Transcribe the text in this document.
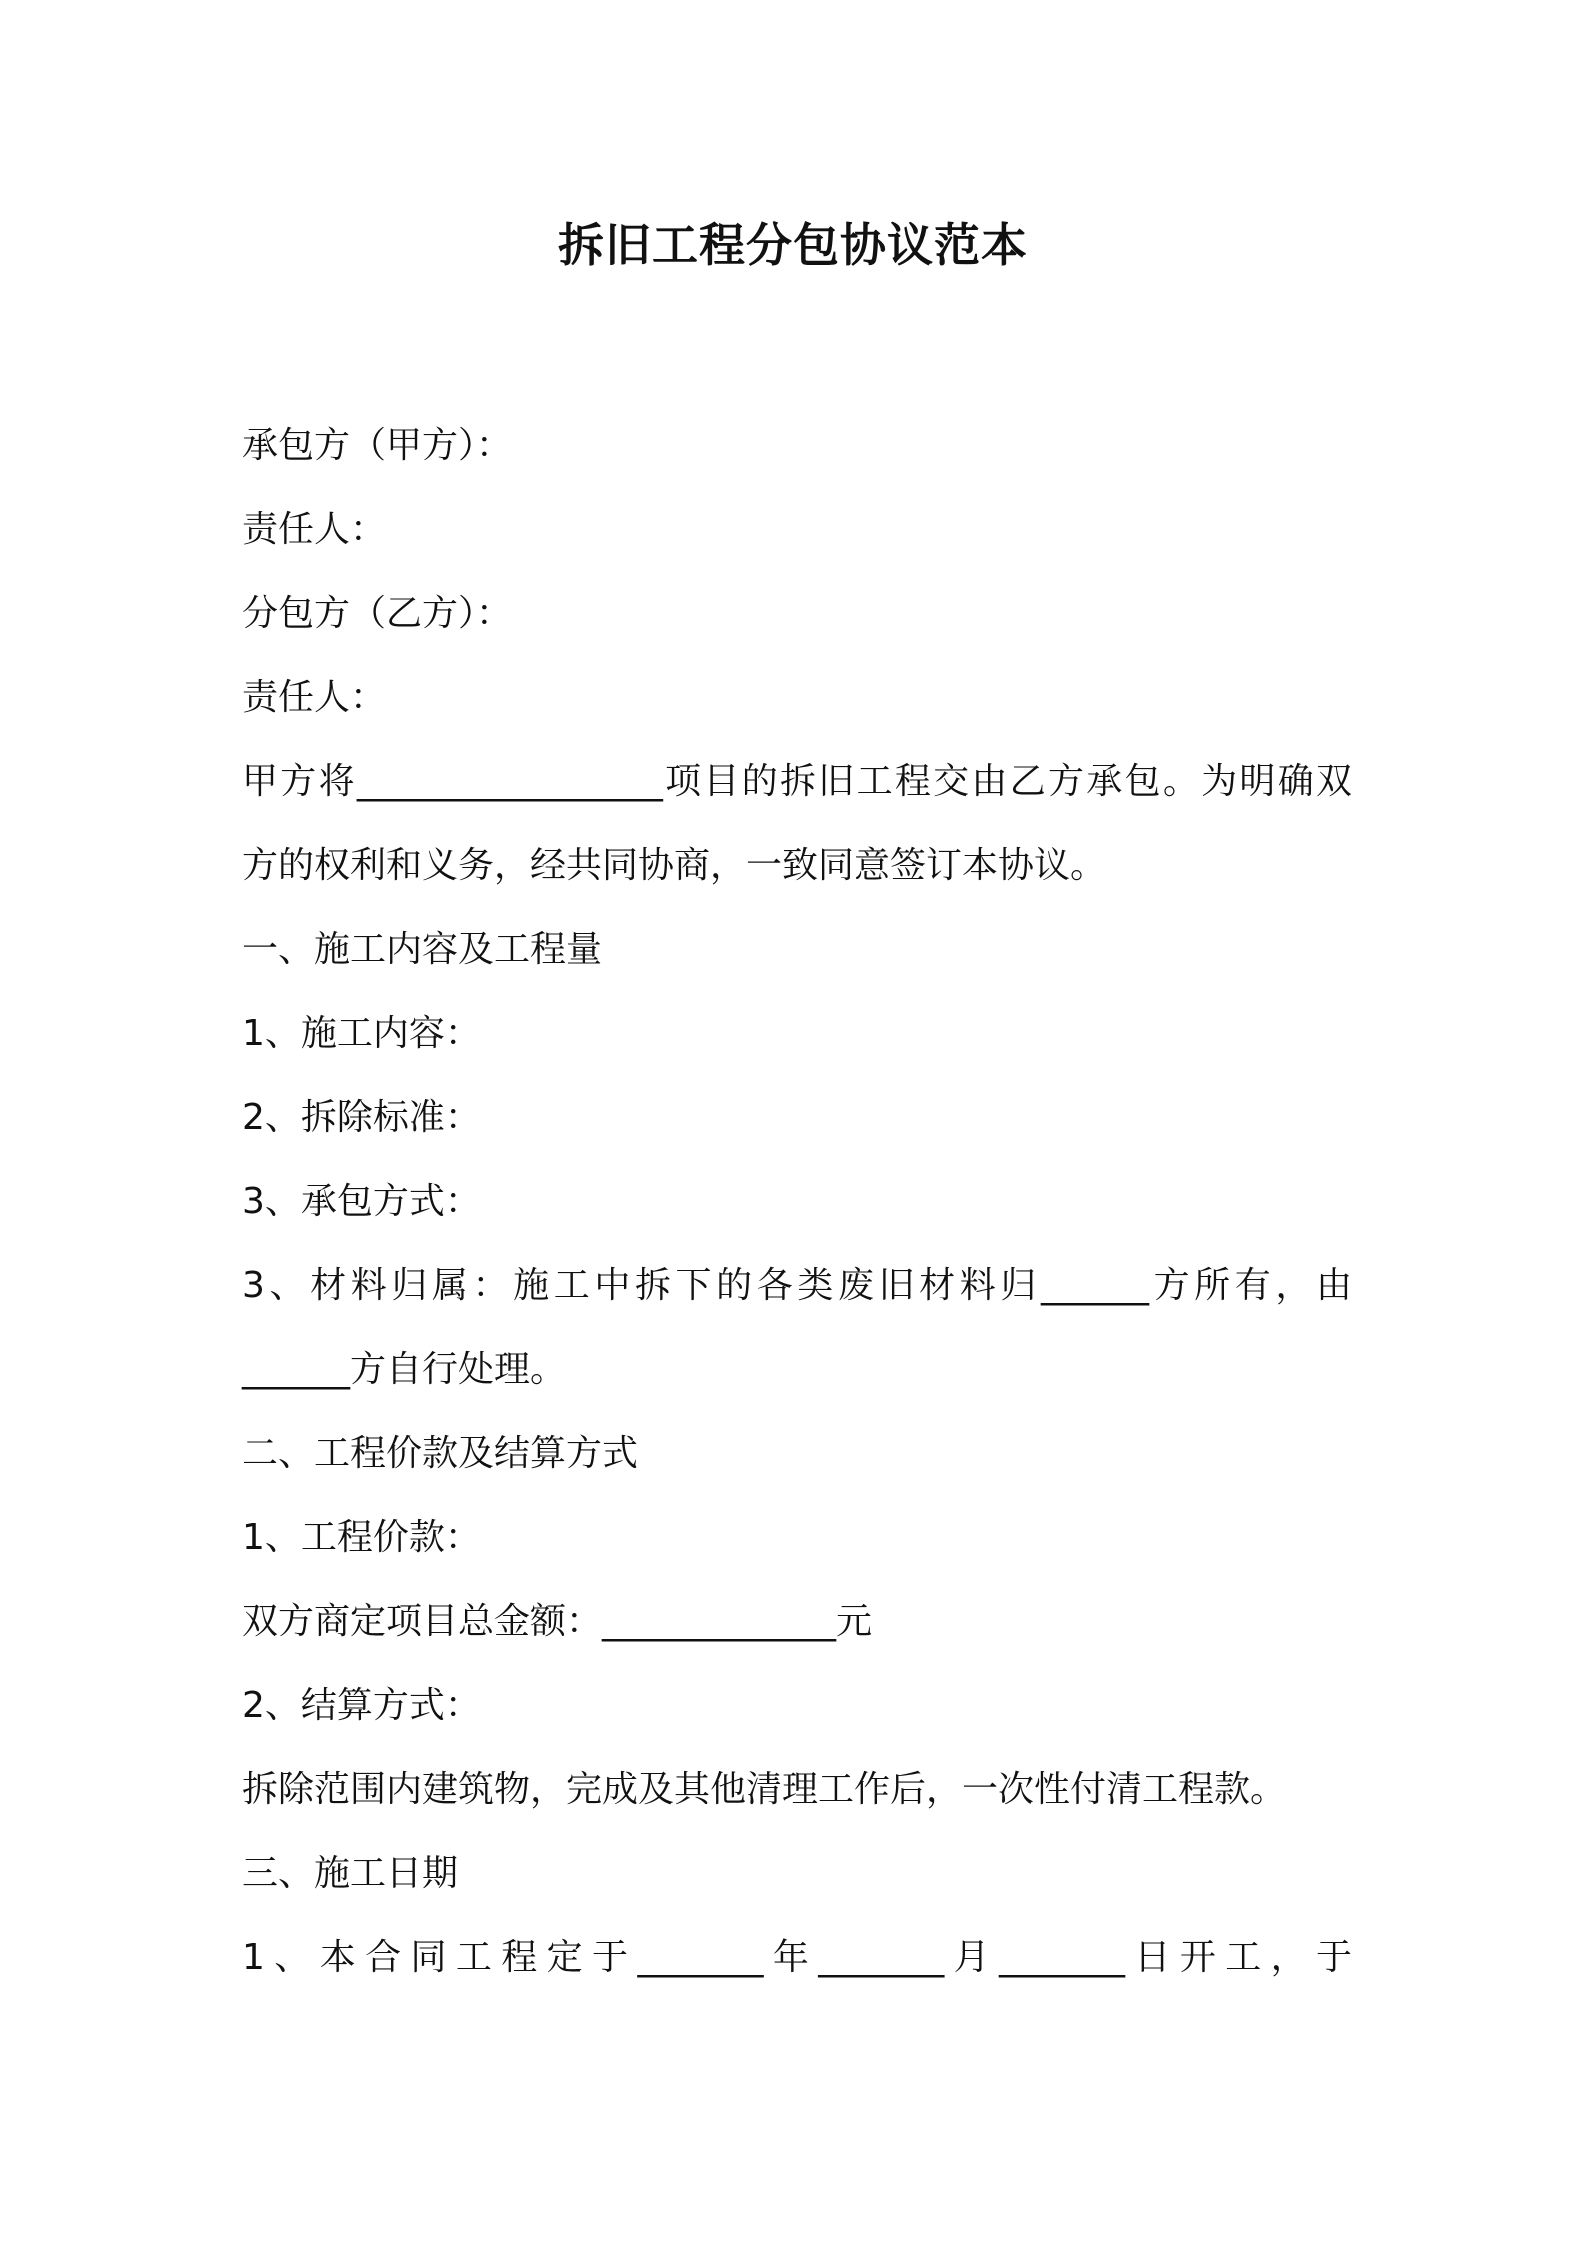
拆旧工程分包协议范本
承包方（甲方）：
责任人：
分包方（乙方）：
责任人：
甲方将_________________项目的拆旧工程交由乙方承包。为明确双
方的权利和义务，经共同协商，一致同意签订本协议。
一、施工内容及工程量
1、施工内容：
2、拆除标准：
3、承包方式：
3、材料归属：施工中拆下的各类废旧材料归______方所有，由
______方自行处理。
二、工程价款及结算方式
1、工程价款：
双方商定项目总金额：_____________元
2、结算方式：
拆除范围内建筑物，完成及其他清理工作后，一次性付清工程款。
三、施工日期
1、本合同工程定于_______年_______月_______日开工，于
